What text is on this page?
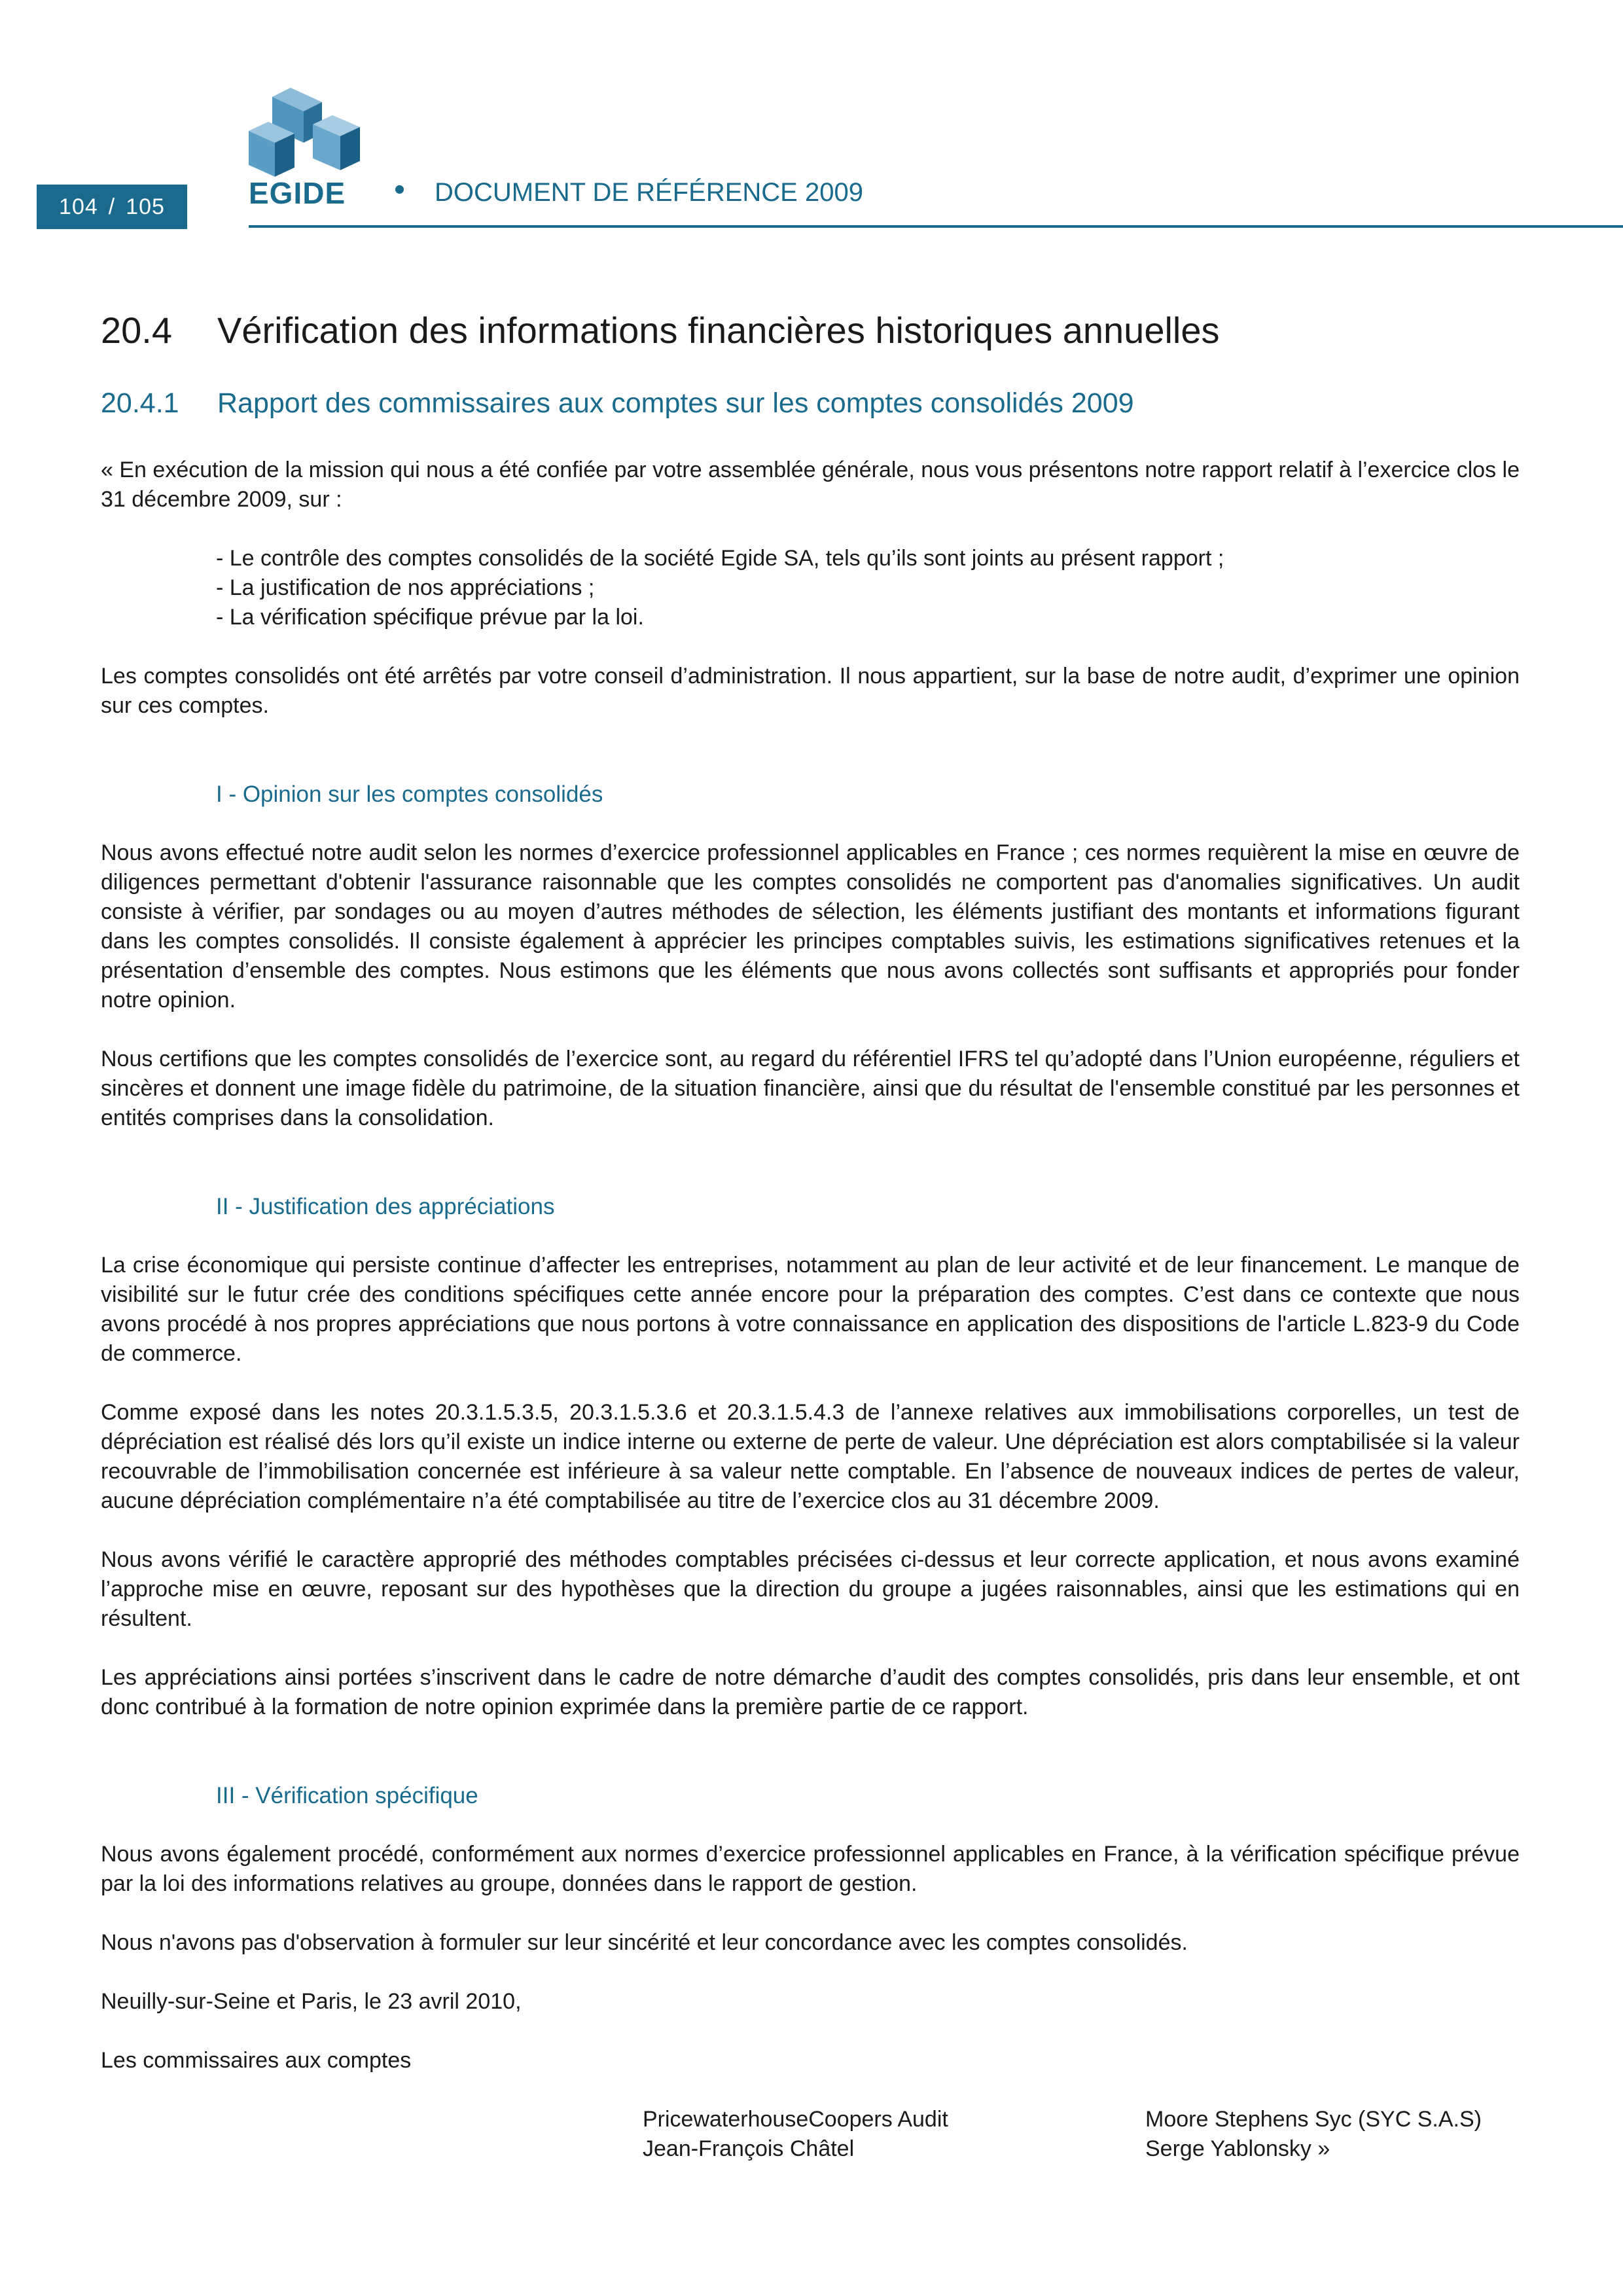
104 / 105	EGIDE	DOCUMENT DE RÉFÉRENCE 2009
20.4	Vérification des informations financières historiques annuelles
20.4.1	Rapport des commissaires aux comptes sur les comptes consolidés 2009

« En exécution de la mission qui nous a été confiée par votre assemblée générale, nous vous présentons notre rapport relatif à l’exercice clos le 31 décembre 2009, sur :

- Le contrôle des comptes consolidés de la société Egide SA, tels qu’ils sont joints au présent rapport ;
- La justification de nos appréciations ;
- La vérification spécifique prévue par la loi.

Les comptes consolidés ont été arrêtés par votre conseil d’administration. Il nous appartient, sur la base de notre audit, d’exprimer une opinion sur ces comptes.

I - Opinion sur les comptes consolidés

Nous avons effectué notre audit selon les normes d’exercice professionnel applicables en France ; ces normes requièrent la mise en œuvre de diligences permettant d'obtenir l'assurance raisonnable que les comptes consolidés ne comportent pas d'anomalies significatives. Un audit consiste à vérifier, par sondages ou au moyen d’autres méthodes de sélection, les éléments justifiant des montants et informations figurant dans les comptes consolidés. Il consiste également à apprécier les principes comptables suivis, les estimations significatives retenues et la présentation d’ensemble des comptes. Nous estimons que les éléments que nous avons collectés sont suffisants et appropriés pour fonder notre opinion.

Nous certifions que les comptes consolidés de l’exercice sont, au regard du référentiel IFRS tel qu’adopté dans l’Union européenne, réguliers et sincères et donnent une image fidèle du patrimoine, de la situation financière, ainsi que du résultat de l'ensemble constitué par les personnes et entités comprises dans la consolidation.

II - Justification des appréciations

La crise économique qui persiste continue d’affecter les entreprises, notamment au plan de leur activité et de leur financement. Le manque de visibilité sur le futur crée des conditions spécifiques cette année encore pour la préparation des comptes. C’est dans ce contexte que nous avons procédé à nos propres appréciations que nous portons à votre connaissance en application des dispositions de l'article L.823-9 du Code de commerce.

Comme exposé dans les notes 20.3.1.5.3.5, 20.3.1.5.3.6 et 20.3.1.5.4.3 de l’annexe relatives aux immobilisations corporelles, un test de dépréciation est réalisé dés lors qu’il existe un indice interne ou externe de perte de valeur. Une dépréciation est alors comptabilisée si la valeur recouvrable de l’immobilisation concernée est inférieure à sa valeur nette comptable. En l’absence de nouveaux indices de pertes de valeur, aucune dépréciation complémentaire n’a été comptabilisée au titre de l’exercice clos au 31 décembre 2009.

Nous avons vérifié le caractère approprié des méthodes comptables précisées ci-dessus et leur correcte application, et nous avons examiné l’approche mise en œuvre, reposant sur des hypothèses que la direction du groupe a jugées raisonnables, ainsi que les estimations qui en résultent.

Les appréciations ainsi portées s’inscrivent dans le cadre de notre démarche d’audit des comptes consolidés, pris dans leur ensemble, et ont donc contribué à la formation de notre opinion exprimée dans la première partie de ce rapport.

III - Vérification spécifique

Nous avons également procédé, conformément aux normes d’exercice professionnel applicables en France, à la vérification spécifique prévue par la loi des informations relatives au groupe, données dans le rapport de gestion.

Nous n'avons pas d'observation à formuler sur leur sincérité et leur concordance avec les comptes consolidés.

Neuilly-sur-Seine et Paris, le 23 avril 2010,

Les commissaires aux comptes

PricewaterhouseCoopers Audit
Jean-François Châtel
Moore Stephens Syc (SYC S.A.S)
Serge Yablonsky »
